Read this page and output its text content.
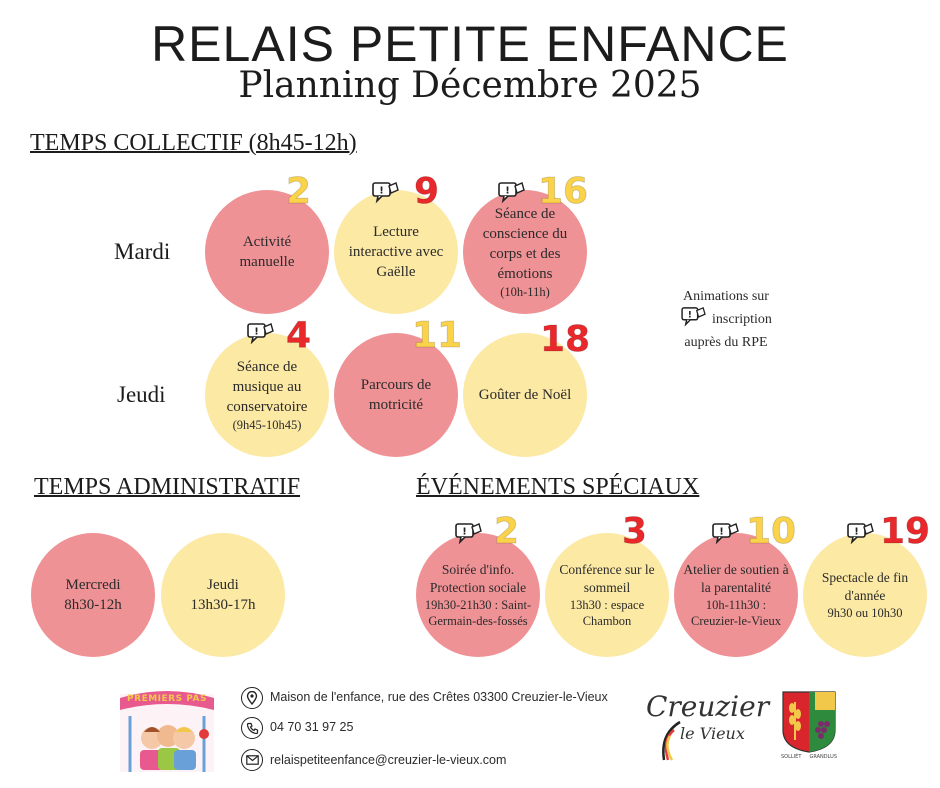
RELAIS PETITE ENFANCE
Planning Décembre 2025
TEMPS COLLECTIF (8h45-12h)
Mardi
Jeudi
Activité manuelle
2
Lecture interactive avec Gaëlle
! 9
Séance de conscience du corps et des émotions
(10h-11h)
! 16
Séance de musique au conservatoire
(9h45-10h45)
! 4
Parcours de motricité
11
Goûter de Noël
18
Animations sur
! inscription
auprès du RPE
TEMPS ADMINISTRATIF
Mercredi
8h30-12h
Jeudi
13h30-17h
ÉVÉNEMENTS SPÉCIAUX
Soirée d'info. Protection sociale
19h30-21h30 : Saint-Germain-des-fossés
! 2
Conférence sur le sommeil
13h30 : espace Chambon
3
Atelier de soutien à la parentalité
10h-11h30 : Creuzier-le-Vieux
! 10
Spectacle de fin d'année
9h30 ou 10h30
! 19
PREMIERS PAS	Maison de l'enfance, rue des Crêtes 03300 Creuzier-le-Vieux
04 70 31 97 25
relaispetiteenfance@creuzier-le-vieux.com
Creuzier
le Vieux
SOLLIÉT GRANDLUS
